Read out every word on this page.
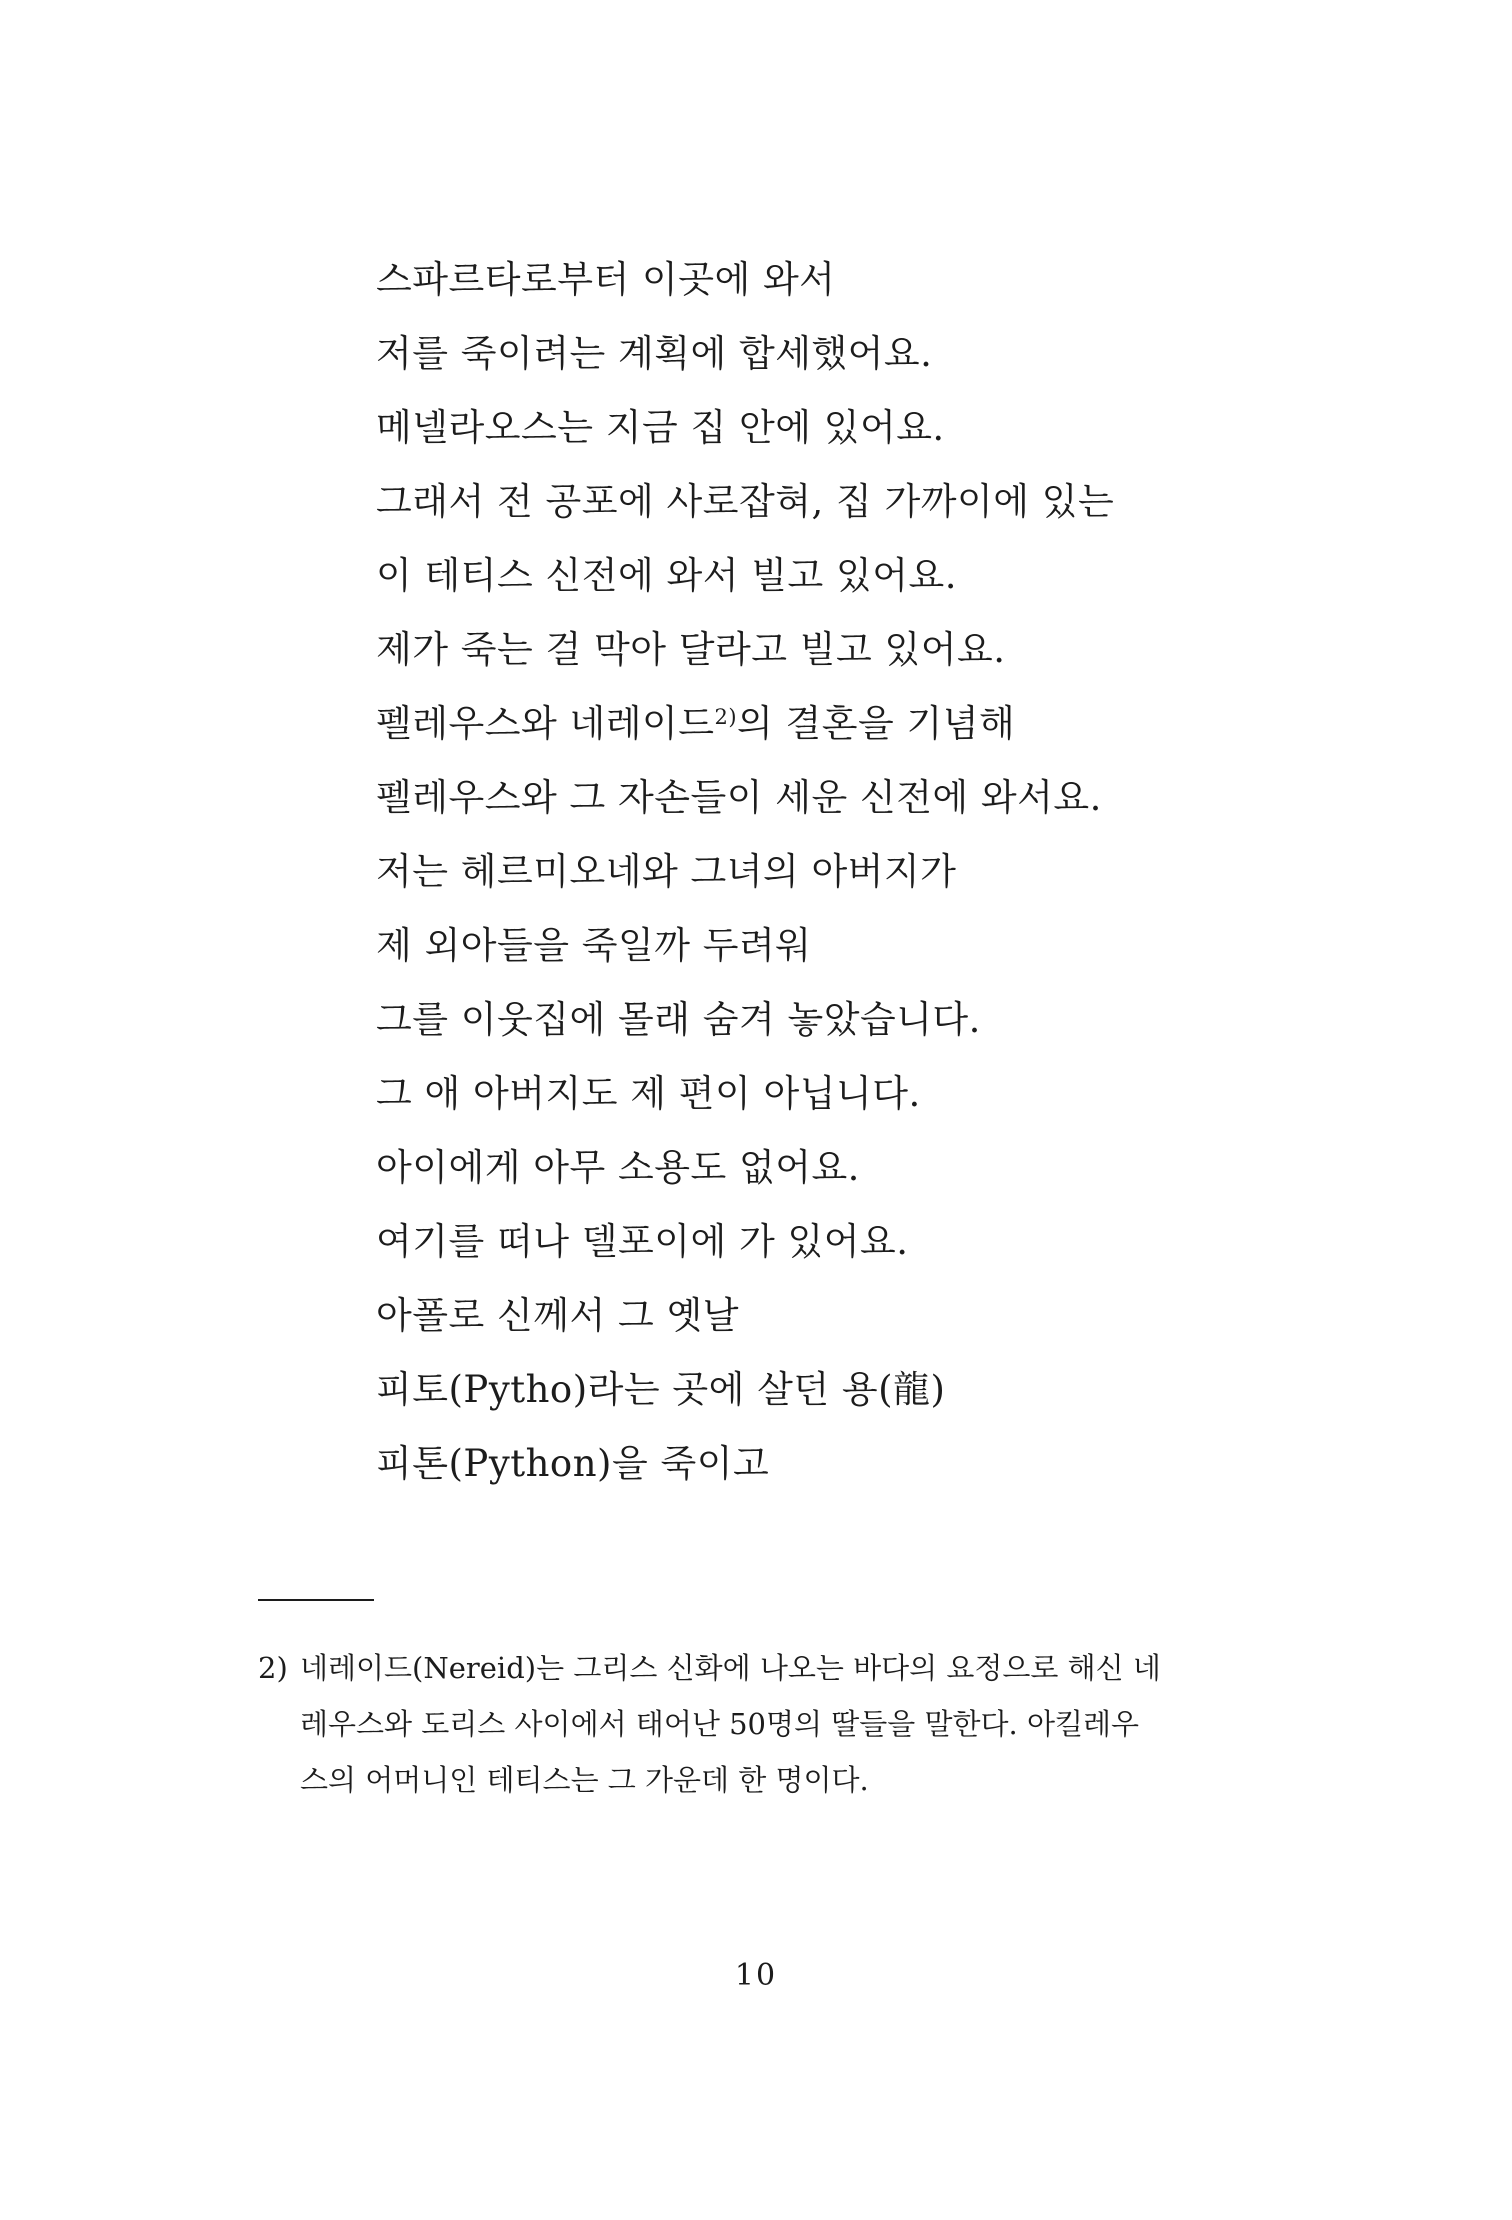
스파르타로부터 이곳에 와서
저를 죽이려는 계획에 합세했어요.
메넬라오스는 지금 집 안에 있어요.
그래서 전 공포에 사로잡혀, 집 가까이에 있는
이 테티스 신전에 와서 빌고 있어요.
제가 죽는 걸 막아 달라고 빌고 있어요.
펠레우스와 네레이드$^{2)}$의 결혼을 기념해
펠레우스와 그 자손들이 세운 신전에 와서요.
저는 헤르미오네와 그녀의 아버지가
제 외아들을 죽일까 두려워
그를 이웃집에 몰래 숨겨 놓았습니다.
그 애 아버지도 제 편이 아닙니다.
아이에게 아무 소용도 없어요.
여기를 떠나 델포이에 가 있어요.
아폴로 신께서 그 옛날
피토(Pytho)라는 곳에 살던 용(龍)
피톤(Python)을 죽이고
2) 네레이드(Nereid)는 그리스 신화에 나오는 바다의 요정으로 해신 네
레우스와 도리스 사이에서 태어난 50명의 딸들을 말한다. 아킬레우
스의 어머니인 테티스는 그 가운데 한 명이다.
10
